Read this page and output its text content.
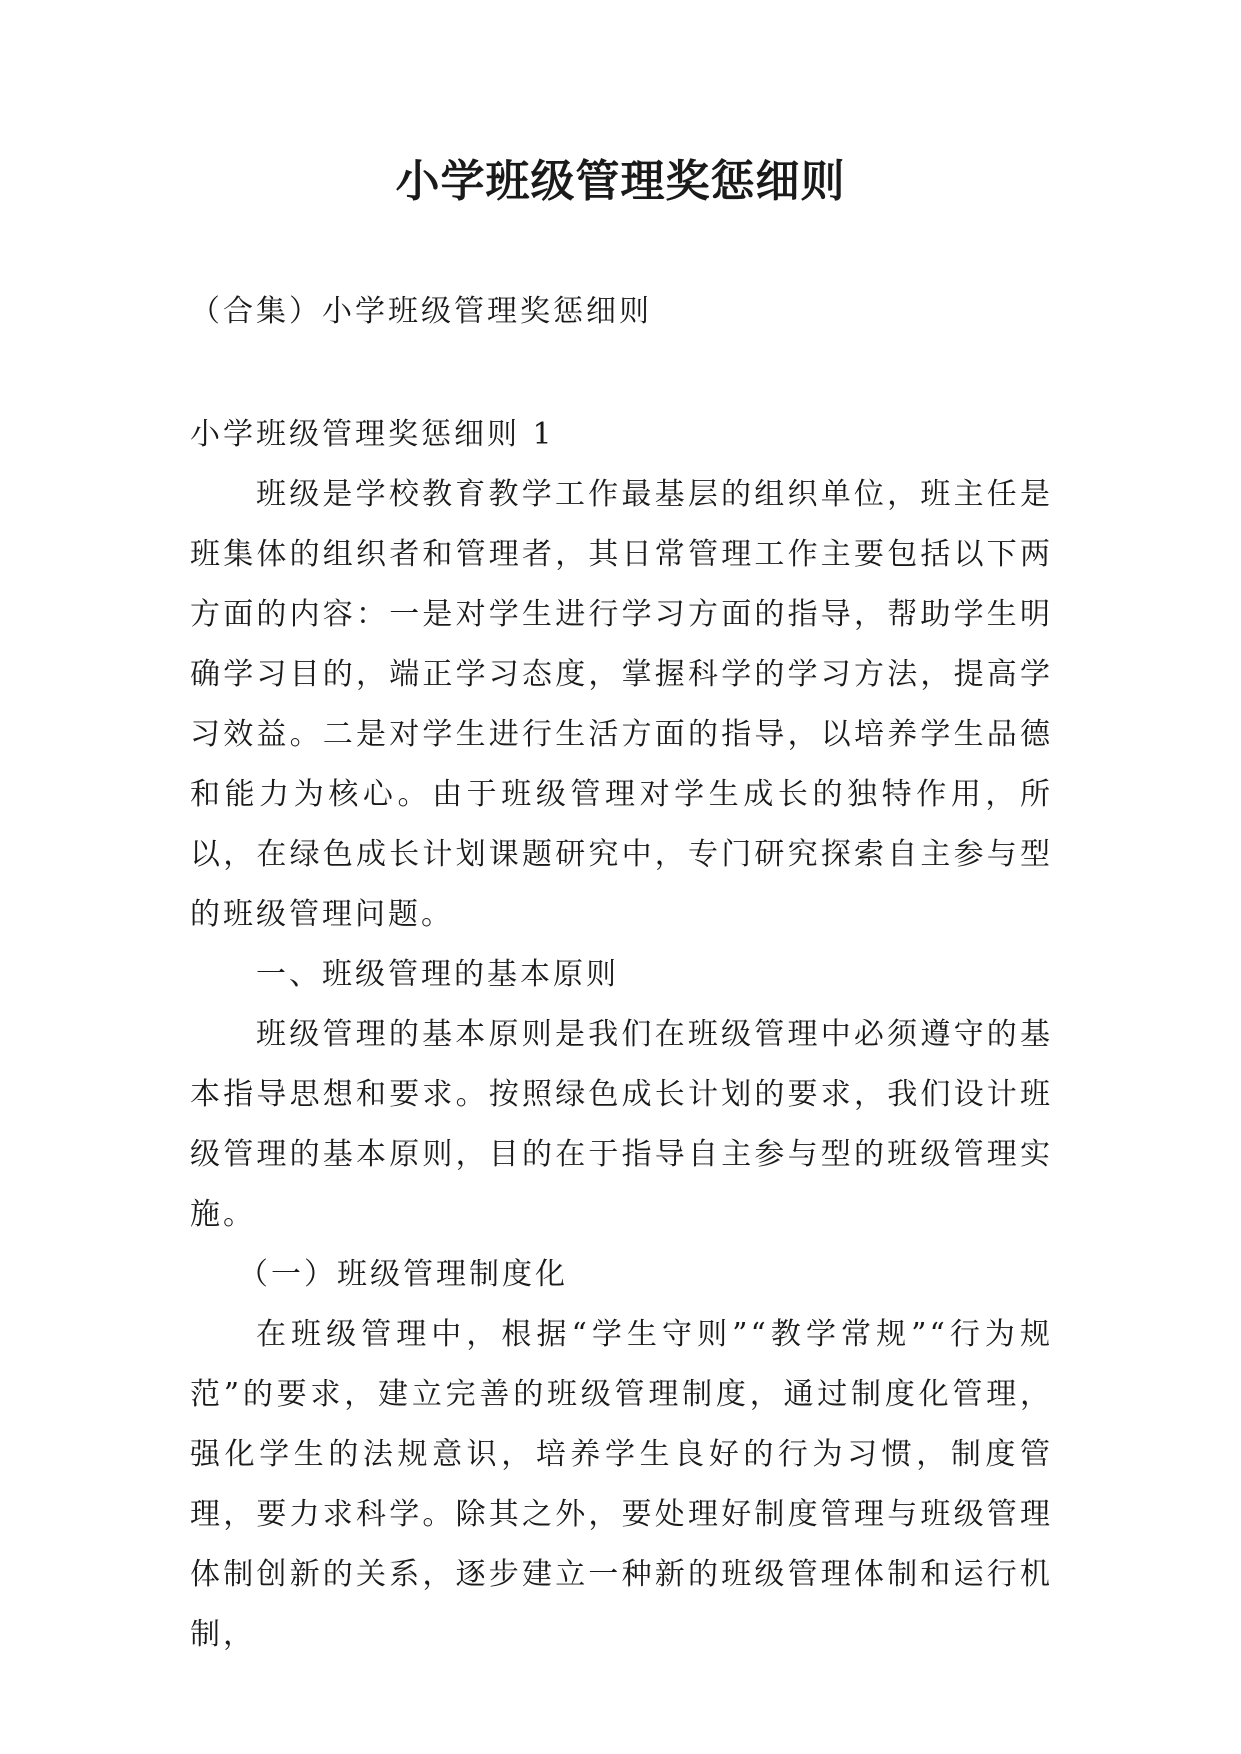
小学班级管理奖惩细则
（合集）小学班级管理奖惩细则

小学班级管理奖惩细则 1

班级是学校教育教学工作最基层的组织单位，班主任是班集体的组织者和管理者，其日常管理工作主要包括以下两方面的内容：一是对学生进行学习方面的指导，帮助学生明确学习目的，端正学习态度，掌握科学的学习方法，提高学习效益。二是对学生进行生活方面的指导，以培养学生品德和能力为核心。由于班级管理对学生成长的独特作用，所以，在绿色成长计划课题研究中，专门研究探索自主参与型的班级管理问题。

一、班级管理的基本原则

班级管理的基本原则是我们在班级管理中必须遵守的基本指导思想和要求。按照绿色成长计划的要求，我们设计班级管理的基本原则，目的在于指导自主参与型的班级管理实施。

（一）班级管理制度化

在班级管理中，根据“学生守则”“教学常规”“行为规范”的要求，建立完善的班级管理制度，通过制度化管理，强化学生的法规意识，培养学生良好的行为习惯，制度管理，要力求科学。除其之外，要处理好制度管理与班级管理体制创新的关系，逐步建立一种新的班级管理体制和运行机制，
